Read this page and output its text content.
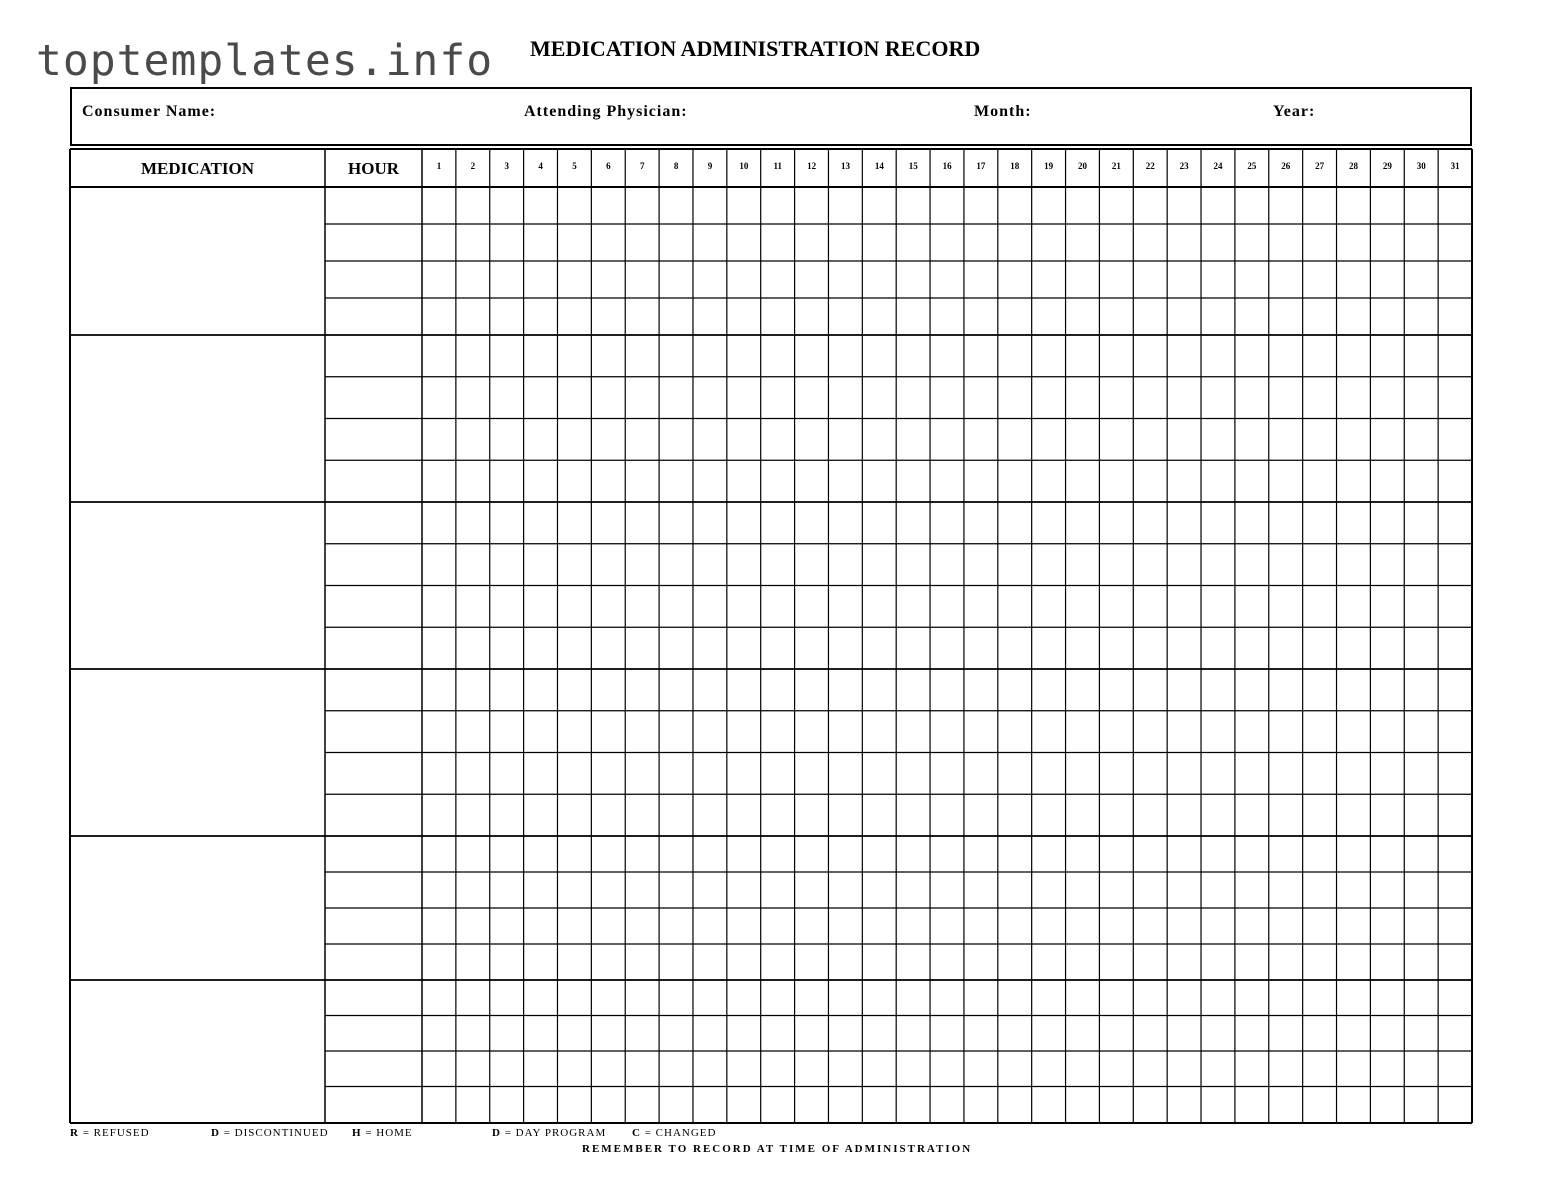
toptemplates.info MEDICATION ADMINISTRATION RECORD
Consumer Name:	Attending Physician:	Month:	Year:
MEDICATION	HOUR	1	2	3	4	5	6	7	8	9	10	11	12	13	14	15	16	17	18	19	20	21	22	23	24	25	26	27	28	29	30	31
R = REFUSED	D = DISCONTINUED H = HOME	D = DAY PROGRAM C = CHANGED
REMEMBER TO RECORD AT TIME OF ADMINISTRATION
